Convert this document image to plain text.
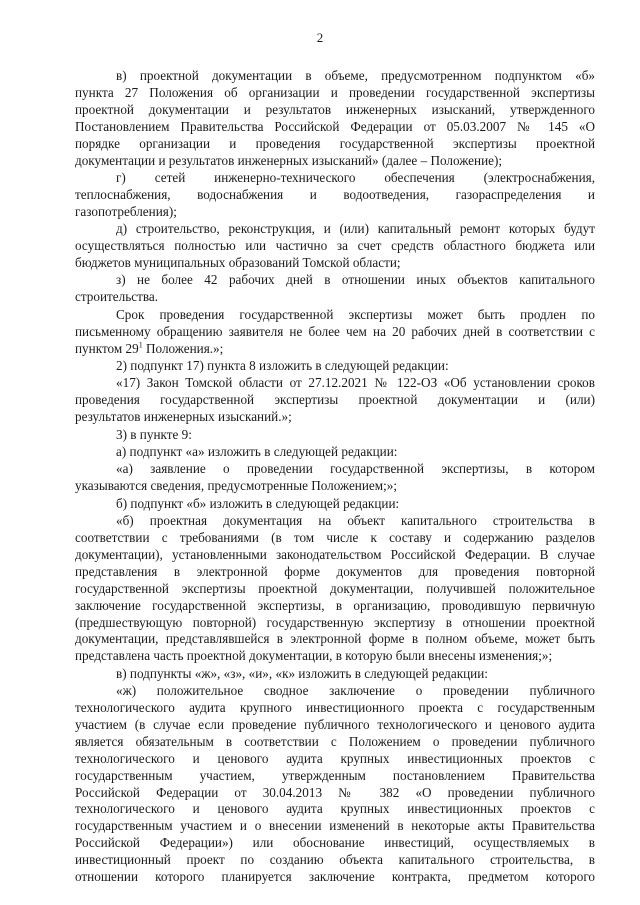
2

в) проектной документации в объеме, предусмотренном подпунктом «б»
пункта 27 Положения об организации и проведении государственной экспертизы
проектной документации и результатов инженерных изысканий, утвержденного
Постановлением Правительства Российской Федерации от 05.03.2007 № 145 «О
порядке организации и проведения государственной экспертизы проектной
документации и результатов инженерных изысканий» (далее – Положение);

г) сетей инженерно-технического обеспечения (электроснабжения,
теплоснабжения, водоснабжения и водоотведения, газораспределения и
газопотребления);

д) строительство, реконструкция, и (или) капитальный ремонт которых будут
осуществляться полностью или частично за счет средств областного бюджета или
бюджетов муниципальных образований Томской области;

з) не более 42 рабочих дней в отношении иных объектов капитального
строительства.

Срок проведения государственной экспертизы может быть продлен по
письменному обращению заявителя не более чем на 20 рабочих дней в соответствии с
пунктом $29^1$ Положения.»;

2) подпункт 17) пункта 8 изложить в следующей редакции:

«17) Закон Томской области от 27.12.2021 № 122-ОЗ «Об установлении сроков
проведения государственной экспертизы проектной документации и (или)
результатов инженерных изысканий.»;

3) в пункте 9:

а) подпункт «а» изложить в следующей редакции:

«а) заявление о проведении государственной экспертизы, в котором
указываются сведения, предусмотренные Положением;»;

б) подпункт «б» изложить в следующей редакции:

«б) проектная документация на объект капитального строительства в
соответствии с требованиями (в том числе к составу и содержанию разделов
документации), установленными законодательством Российской Федерации. В случае
представления в электронной форме документов для проведения повторной
государственной экспертизы проектной документации, получившей положительное
заключение государственной экспертизы, в организацию, проводившую первичную
(предшествующую повторной) государственную экспертизу в отношении проектной
документации, представлявшейся в электронной форме в полном объеме, может быть
представлена часть проектной документации, в которую были внесены изменения;»;

в) подпункты «ж», «з», «и», «к» изложить в следующей редакции:

«ж) положительное сводное заключение о проведении публичного
технологического аудита крупного инвестиционного проекта с государственным
участием (в случае если проведение публичного технологического и ценового аудита
является обязательным в соответствии с Положением о проведении публичного
технологического и ценового аудита крупных инвестиционных проектов с
государственным участием, утвержденным постановлением Правительства
Российской Федерации от 30.04.2013 № 382 «О проведении публичного
технологического и ценового аудита крупных инвестиционных проектов с
государственным участием и о внесении изменений в некоторые акты Правительства
Российской Федерации») или обоснование инвестиций, осуществляемых в
инвестиционный проект по созданию объекта капитального строительства, в
отношении которого планируется заключение контракта, предметом которого
